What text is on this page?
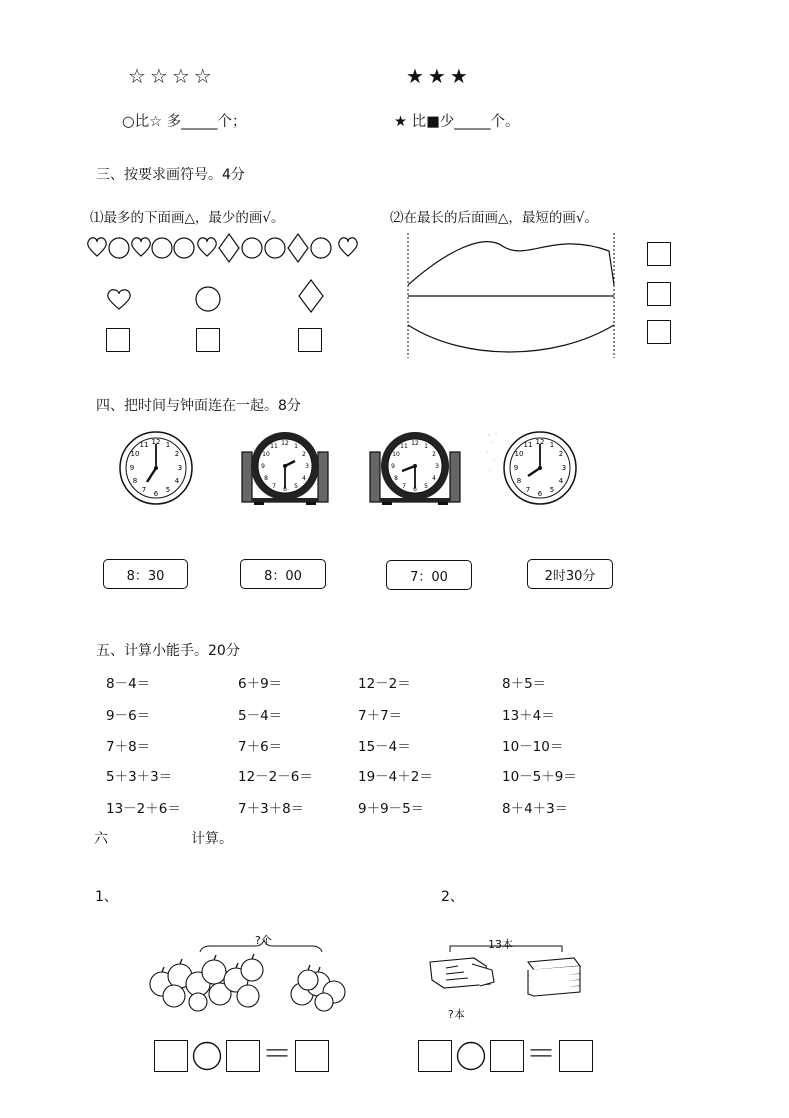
☆☆☆☆	★★★
○比☆ 多_____个；	★ 比■少_____个。
三、按要求画符号。4分
⑴最多的下面画△，最少的画√。	⑵在最长的后面画△，最短的画√。
四、把时间与钟面连在一起。8分
12 1
2
3
4
5
6
7
8
9
10
11	12 1
2
3
4
5
6
7
8
9
10
11	12 1
2
3
4
5
6
7
8
9
10
11
12 1
2
3
4
5
6
7
8
9
10
11
8：30	8：00	7：00	2时30分
五、计算小能手。20分
8－4＝	6＋9＝	12－2＝	8＋5＝
9－6＝	5－4＝	7＋7＝	13＋4＝
7＋8＝	7＋6＝	15－4＝	10－10＝
5＋3＋3＝	12－2－6＝	19－4＋2＝	10－5＋9＝
13－2＋6＝	7＋3＋8＝	9＋9－5＝	8＋4＋3＝
六	计算。
1、	2、
?个	13本
?本
＝	＝
